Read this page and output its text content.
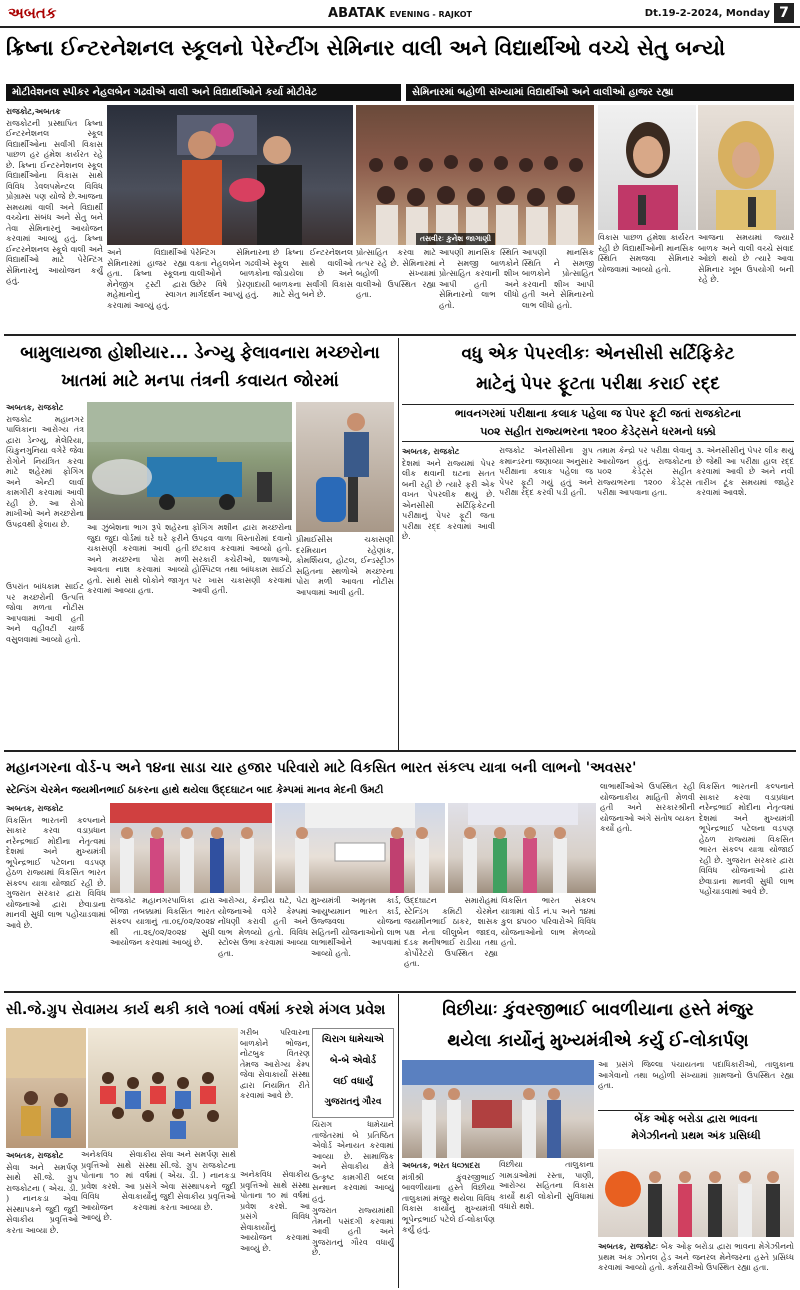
અબતક	ABATAK EVENING - RAJKOT	Dt.19-2-2024, Monday 7
ક્રિષ્ના ઈન્ટરનેશનલ સ્કૂલનો પેરેન્ટીંગ સેમિનાર વાલી અને વિદ્યાર્થીઓ વચ્ચે સેતુ બન્યો
મોટીવેશનલ સ્પીકર નેહલબેન ગઢવીએ વાલી અને વિદ્યાર્થીઓને કર્યા મોટીવેટ	સેમિનારમાં બહોળી સંખ્યામાં વિદ્યાર્થીઓ અને વાલીઓ હાજર રહ્યા
તસવીરઃ કુનેશ જાગાણી

રાજકોટ,અબતક

રાજકોટની પ્રસ્થાપિત ક્રિષ્ના ઈન્ટરનેશનલ સ્કૂલ વિદ્યાર્થીઓના સર્વાંગી વિકાસ પાછળ હર હંમેશ કાર્યરત રહે છે. ક્રિષ્ના ઈન્ટરનેશનલ સ્કૂલ વિદ્યાર્થીઓના વિકાસ સાથે વિવિધ ડેવલપમેન્ટલ વિવિધ પ્રોગ્રામ્સ પણ યોજે છે.આજના સમયમાં વાલી અને વિદ્યાર્થી વચ્ચેના સંબંધ અને સેતુ બને તેવા સેમિનારનું આયોજન કરવામાં આવ્યું હતું. ક્રિષ્ના ઈન્ટરનેશનલ સ્કૂલે વાલી અને વિદ્યાર્થીઓ માટે પેરેન્ટિંગ સેમિનારનું આયોજન કર્યું હતું.

અને વિદ્યાર્થીઓ સેમિનારમાં હાજર રહ્યા હતા. ક્રિષ્ના સ્કૂલના મેનેજીંગ ટ્રસ્ટી દ્વારા મહેમાનોનું સ્વાગત કરવામાં આવ્યું હતું.

પેરેન્ટિંગ સેમિનારના વક્તા નેહલબેન ગઢવીએ વાલીઓને બાળકોના ઉછેર વિષે પ્રેરણાદાયી માર્ગદર્શન આપ્યું હતું.

છે ક્રિષ્ના ઈન્ટરનેશનલ સ્કૂલ સાથે વાલીઓ જોડાયેલા છે અને બાળકના સર્વાંગી વિકાસ માટે સેતુ બને છે.

પ્રોત્સાહિત કરવા માટે તત્પર રહે છે. સેમિનારમાં બહોળી સંખ્યામાં વાલીઓ ઉપસ્થિત રહ્યા હતા.

આપણી માનસિક સ્થિતિ ને સમજી બાળકોને પ્રોત્સાહિત કરવાની શીખ આપી હતી અને સેમિનારનો લાભ લીધો હતો.

આપણી માનસિક સ્થિતિ ને સમજી બાળકોને પ્રોત્સાહિત કરવાની શીખ આપી હતી અને સેમિનારનો લાભ લીધો હતો.

વિકાસ પાછળ હંમેશા કાર્યરત રહી છે વિદ્યાર્થીઓની માનસિક સ્થિતિ સમજવા સેમિનાર યોજવામાં આવ્યો હતો.

આજના સમયમાં જ્યારે બાળક અને વાલી વચ્ચે સંવાદ ઓછો થયો છે ત્યારે આવા સેમિનાર ખૂબ ઉપયોગી બની રહે છે.

બામુલાયજા હોશીયાર... ડેન્ગ્યુ ફેલાવનારા મચ્છરોના
ખાતમાં માટે મનપા તંત્રની કવાયત જોરમાં

અબતક, રાજકોટ

રાજકોટ મહાનગર પાલિકાના આરોગ્ય તંત્ર દ્વારા ડેન્ગ્યુ, મેલેરિયા, ચિકુનગુનિયા વગેરે જેવા રોગોને નિયંત્રિત કરવા માટે શહેરમાં ફોગિંગ અને એન્ટી લાર્વા કામગીરી કરવામાં આવી રહી છે. આ રોગો માખીઓ અને મચ્છરોના ઉપદ્રવથી ફેલાય છે.	આ ઝુંબેશના ભાગ રૂપે શહેરના જુદા જુદા વોર્ડમાં ઘરે ઘરે ફરીને ચકાસણી કરવામાં આવી હતી અને મચ્છરના પોરા મળી આવતા નાશ કરવામાં આવ્યો હતો. સાથે સાથે લોકોને જાગૃત કરવામાં આવ્યા હતા.

ફોગિંગ મશીન દ્વારા મચ્છરોના ઉપદ્રવ વાળા વિસ્તારોમાં દવાનો છંટકાવ કરવામાં આવ્યો હતો. સરકારી કચેરીઓ, શાળાઓ, હોસ્પિટલ તથા બાંધકામ સાઈટો પર ખાસ ચકાસણી કરવામાં આવી હતી.

ઉપરાંત બાંધકામ સાઈટ પર મચ્છરોની ઉત્પત્તિ જોવા મળતા નોટીસ આપવામાં આવી હતી અને વહીવટી ચાર્જ વસુલવામાં આવ્યો હતો.

પ્રીમાઈસીસ ચકાસણી દરમિયાન રહેણાંક, કોમર્શિયલ, હોટલ, ઈન્ડસ્ટ્રીઝ સહિતના સ્થળોએ મચ્છરના પોરા મળી આવતા નોટીસ આપવામાં આવી હતી.

વધુ એક પેપરલીકઃ એનસીસી સર્ટિફિકેટ
માટેનું પેપર ફૂટતા પરીક્ષા કરાઈ રદ્દ
ભાવનગરમાં પરીક્ષાના કલાક પહેલા જ પેપર ફૂટી જતાં રાજકોટના
૫૦૨ સહીત રાજ્યભરના ૧૨૦૦ કેડેટ્સને ધરમનો ધક્કો

અબતક, રાજકોટ

દેશમાં અને રાજ્યમાં પેપર લીક થવાની ઘટના સતત બની રહી છે ત્યારે ફરી એક વખત પેપરલીક થયું છે. એનસીસી સર્ટિફિકેટની પરીક્ષાનું પેપર ફૂટી જતા પરીક્ષા રદ્દ કરવામાં આવી છે.

રાજકોટ એનસીસીના ગ્રુપ કમાન્ડરના જણાવ્યા અનુસાર પરીક્ષાના કલાક પહેલા જ પેપર ફૂટી ગયું હતું અને પરીક્ષા રદ્દ કરવી પડી હતી.

તમામ કેન્દ્રો પર પરીક્ષા લેવાનું આયોજન હતું. રાજકોટના ૫૦૨ કેડેટ્સ સહીત રાજ્યભરના ૧૨૦૦ કેડેટ્સ પરીક્ષા આપવાના હતા.

૩. એનસીસીનું પેપર લીક થયું છે જેથી આ પરીક્ષા હાલ રદ્દ કરવામાં આવી છે અને નવી તારીખ ટૂંક સમયમાં જાહેર કરવામાં આવશે.

મહાનગરના વોર્ડ-૫ અને ૧૪ના સાડા ચાર હજાર પરિવારો માટે વિકસિત ભારત સંકલ્પ યાત્રા બની લાભનો 'અવસર'
સ્ટેન્ડિંગ ચેરમેન જયમીનભાઈ ઠાકરના હાથે થયેલા ઉદ્દઘાટન બાદ કેમ્પમાં માનવ મેદની ઉમટી

અબતક, રાજકોટ

વિકસિત ભારતની કલ્પનાને સાકાર કરવા વડાપ્રધાન નરેન્દ્રભાઈ મોદીના નેતૃત્વમાં દેશમાં અને મુખ્યમંત્રી ભૂપેન્દ્રભાઈ પટેલના વડપણ હેઠળ રાજ્યમાં વિકસિત ભારત સંકલ્પ યાત્રા યોજાઈ રહી છે. ગુજરાત સરકાર દ્વારા વિવિધ યોજનાઓ દ્વારા છેવાડાના માનવી સુધી લાભ પહોંચાડવામાં આવે છે.

રાજકોટ મહાનગરપાલિકા દ્વારા બીજા તબક્કામાં વિકસિત ભારત સંકલ્પ યાત્રાનું તા.૦૬/૦૨/૨૦૨૪ થી તા.૨૬/૦૨/૨૦૨૪ સુધી આયોજન કરવામાં આવ્યું છે.

આરોગ્ય, કેન્દ્રીય ઘટે, પેટા યોજનાઓ વગેરે કેમ્પમાં નોંધણી કરાવી હતી અને લાભ મેળવ્યો હતો. વિવિધ સ્ટોલ્સ ઉભા કરવામાં આવ્યા હતા.

મુખ્યમંત્રી અમૃતમ કાર્ડ, આયુષ્યમાન ભારત કાર્ડ, ઉજ્જવલા યોજના સહિતની યોજનાઓનો લાભ લાભાર્થીઓને આપવામાં આવ્યો હતો.

ઉદ્દઘાટન સમારોહમાં સ્ટેન્ડિંગ કમિટી ચેરમેન જયમીનભાઈ ઠાકર, શાસક પક્ષ નેતા લીલુબેન જાદવ, દંડક મનીષભાઈ રાડીયા તથા કોર્પોરેટરો ઉપસ્થિત રહ્યા હતા.

વિકસિત ભારત સંકલ્પ યાત્રામાં વોર્ડ નં.૫ અને ૧૪માં કુલ ૪૫૦૦ પરિવારોએ વિવિધ યોજનાઓનો લાભ મેળવ્યો હતો.

લાભાર્થીઓએ ઉપસ્થિત રહી યોજનાકીય માહિતી મેળવી હતી અને સરકારશ્રીની યોજનાઓ અંગે સંતોષ વ્યક્ત કર્યો હતો.

વિકસિત ભારતની કલ્પનાને સાકાર કરવા વડાપ્રધાન નરેન્દ્રભાઈ મોદીના નેતૃત્વમાં દેશમાં અને મુખ્યમંત્રી ભૂપેન્દ્રભાઈ પટેલના વડપણ હેઠળ રાજ્યમાં વિકસિત ભારત સંકલ્પ યાત્રા યોજાઈ રહી છે. ગુજરાત સરકાર દ્વારા વિવિધ યોજનાઓ દ્વારા છેવાડાના માનવી સુધી લાભ પહોંચાડવામાં આવે છે.

સી.જે.ગ્રુપ સેવામય કાર્ય થકી કાલે ૧૦માં વર્ષમાં કરશે મંગલ પ્રવેશ

ગરીબ પરિવારના બાળકોને ભોજન, નોટબુક વિતરણ તેમજ આરોગ્ય કેમ્પ જેવા સેવાકાર્યો સંસ્થા દ્વારા નિયમિત રીતે કરવામાં આવે છે.

ચિરાગ ધામેચાએ
બે-બે એવોર્ડ
લઈ વધાર્યું
ગુજરાતનું ગૌરવ

ચિરાગ ધામેચાને તાજેતરમાં બે પ્રતિષ્ઠિત એવોર્ડ એનાયત કરવામાં આવ્યા છે. સામાજિક અને સેવાકીય ક્ષેત્રે ઉત્કૃષ્ટ કામગીરી બદલ સન્માન કરવામાં આવ્યું હતું.

ગુજરાત રાજ્યમાંથી તેમની પસંદગી કરવામાં આવી હતી અને ગુજરાતનું ગૌરવ વધાર્યું છે.

અબતક, રાજકોટ

સેવા અને સમર્પણ સાથે સી.જે. ગ્રુપ રાજકોટના ( એચ. ડી. ) નાનકડા એવા સંસ્થાપકને જુદી જુદી સેવાકીય પ્રવૃત્તિઓ કરતા આવ્યા છે.

અનેકવિધ સેવાકીય પ્રવૃત્તિઓ સાથે સંસ્થા પોતાના ૧૦ માં વર્ષમાં પ્રવેશ કરશે. આ પ્રસંગે વિવિધ સેવાકાર્યોનું આયોજન કરવામાં આવ્યું છે.

સેવા અને સમર્પણ સાથે સી.જે. ગ્રુપ રાજકોટના ( એચ. ડી. ) નાનકડા એવા સંસ્થાપકને જુદી જુદી સેવાકીય પ્રવૃત્તિઓ કરતા આવ્યા છે.

અનેકવિધ સેવાકીય પ્રવૃત્તિઓ સાથે સંસ્થા પોતાના ૧૦ માં વર્ષમાં પ્રવેશ કરશે. આ પ્રસંગે વિવિધ સેવાકાર્યોનું આયોજન કરવામાં આવ્યું છે.

વિછીયાઃ કુંવરજીભાઈ બાવળીયાના હસ્તે મંજુર
થયેલા કાર્યોનું મુખ્યમંત્રીએ કર્યુ ઈ-લોકાર્પણ

આ પ્રસંગે જિલ્લા પંચાયતના પદાધિકારીઓ, તાલુકાના આગેવાનો તથા બહોળી સંખ્યામાં ગ્રામજનો ઉપસ્થિત રહ્યા હતા.

અબતક, ભરત ધવ્ઝાદરા

મંત્રીશ્રી કુંવરજીભાઈ બાવળીયાના હસ્તે વિછીયા તાલુકામાં મંજુર થયેલા વિવિધ વિકાસ કાર્યોનું મુખ્યમંત્રી ભૂપેન્દ્રભાઈ પટેલે ઈ-લોકાર્પણ કર્યું હતું.

વિછીયા તાલુકાના ગામડાઓમાં રસ્તા, પાણી, આરોગ્ય સહિતના વિકાસ કાર્યો થકી લોકોની સુવિધામાં વધારો થશે.

બેંક ઓફ બરોડા દ્વારા ભાવના
મેગેઝીનનો પ્રથમ અંક પ્રસિધ્ધી

અબતક, રાજકોટઃ બેંક ઓફ બરોડા દ્વારા ભાવના મેગેઝીનનો પ્રથમ અંક ઝોનલ હેડ અને જનરલ મેનેજરના હસ્તે પ્રસિધ્ધ કરવામાં આવ્યો હતો. કર્મચારીઓ ઉપસ્થિત રહ્યા હતા.
